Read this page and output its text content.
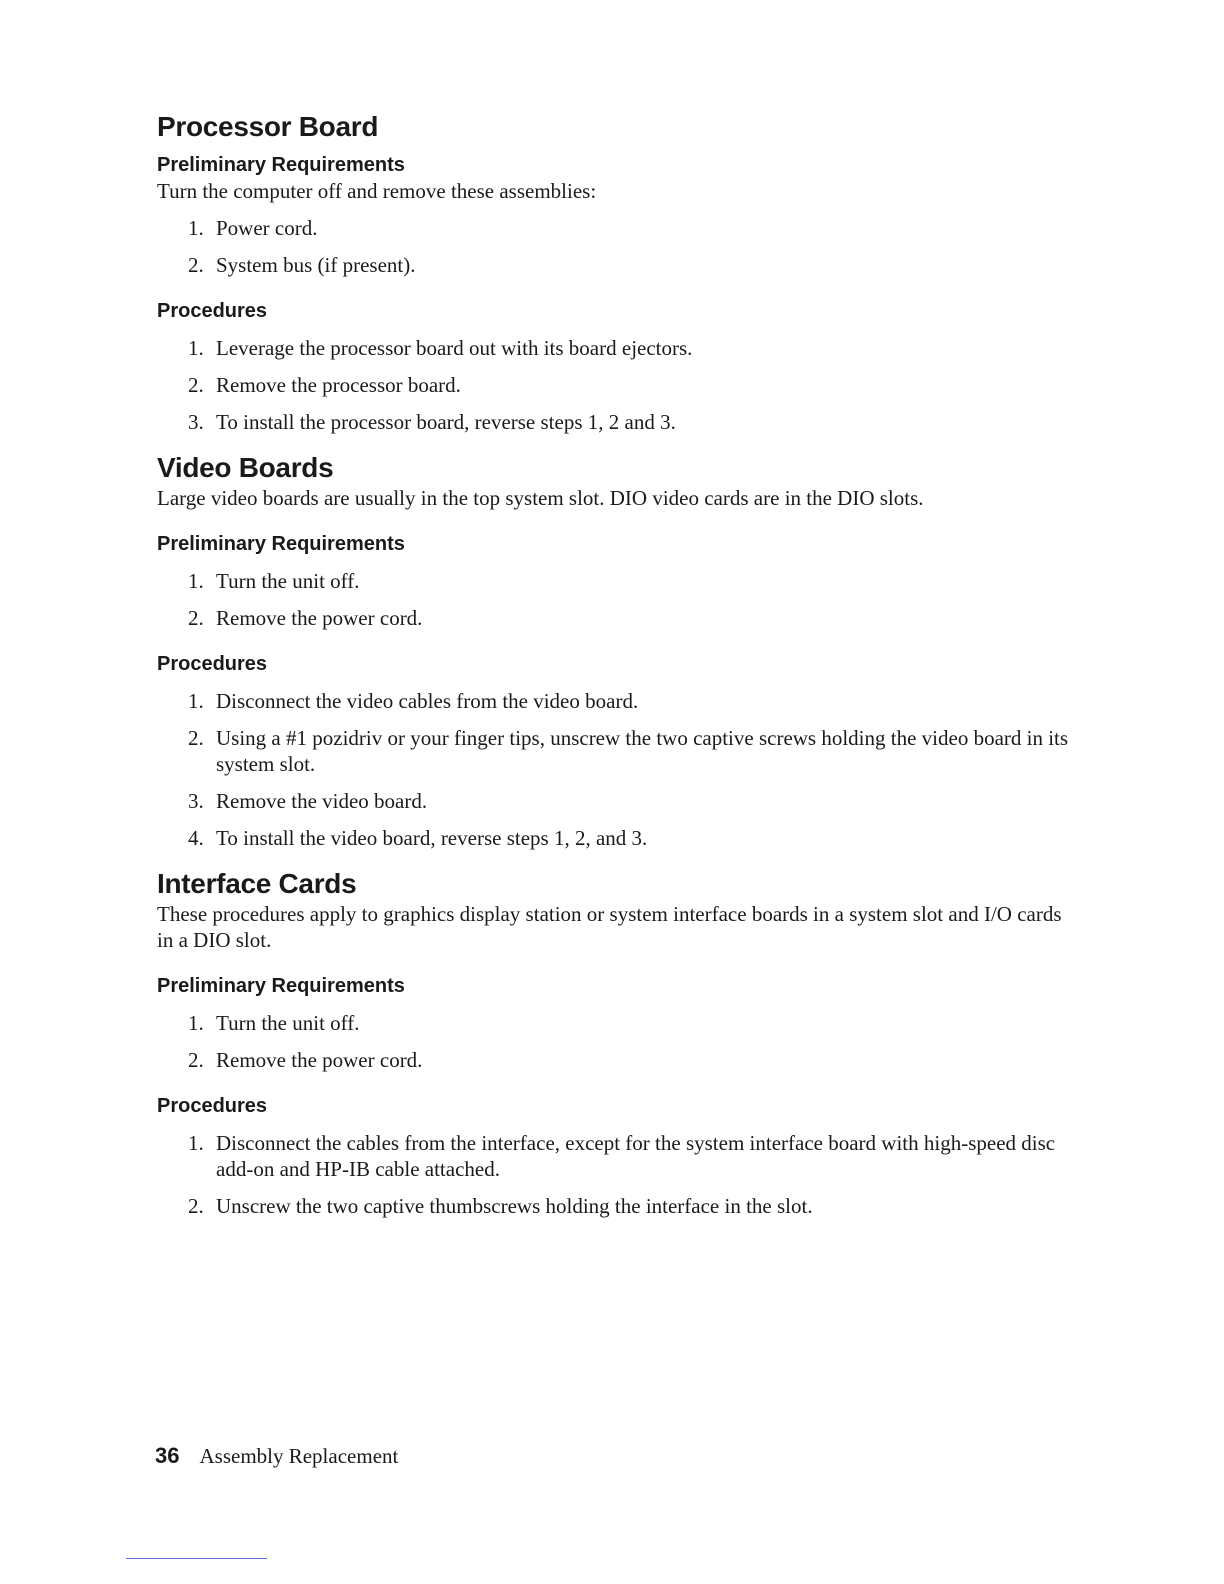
Processor Board
Preliminary Requirements

Turn the computer off and remove these assemblies:

1. Power cord.
2. System bus (if present).
Procedures
1. Leverage the processor board out with its board ejectors.
2. Remove the processor board.
3. To install the processor board, reverse steps 1, 2 and 3.
Video Boards

Large video boards are usually in the top system slot. DIO video cards are in the DIO slots.

Preliminary Requirements
1. Turn the unit off.
2. Remove the power cord.
Procedures
1. Disconnect the video cables from the video board.
2. Using a #1 pozidriv or your finger tips, unscrew the two captive screws holding the video board in its system slot.
3. Remove the video board.
4. To install the video board, reverse steps 1, 2, and 3.
Interface Cards

These procedures apply to graphics display station or system interface boards in a system slot and I/O cards in a DIO slot.

Preliminary Requirements
1. Turn the unit off.
2. Remove the power cord.
Procedures
1. Disconnect the cables from the interface, except for the system interface board with high-speed disc add-on and HP-IB cable attached.
2. Unscrew the two captive thumbscrews holding the interface in the slot.
36 Assembly Replacement
